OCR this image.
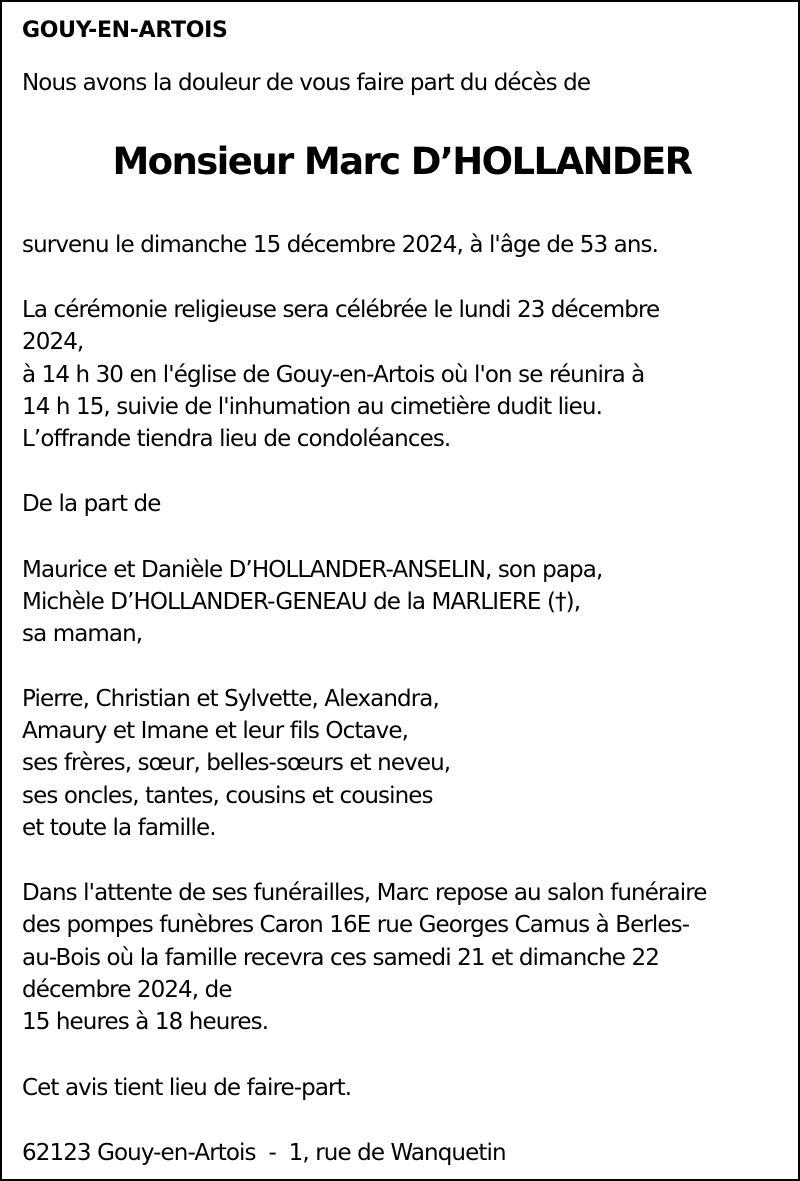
GOUY-EN-ARTOIS
Nous avons la douleur de vous faire part du décès de
Monsieur Marc D’HOLLANDER
survenu le dimanche 15 décembre 2024, à l'âge de 53 ans.
La cérémonie religieuse sera célébrée le lundi 23 décembre
2024,
à 14 h 30 en l'église de Gouy-en-Artois où l'on se réunira à
14 h 15, suivie de l'inhumation au cimetière dudit lieu.
L’offrande tiendra lieu de condoléances.
De la part de
Maurice et Danièle D’HOLLANDER-ANSELIN, son papa,
Michèle D’HOLLANDER-GENEAU de la MARLIERE (†),
sa maman,
Pierre, Christian et Sylvette, Alexandra,
Amaury et Imane et leur fils Octave,
ses frères, sœur, belles-sœurs et neveu,
ses oncles, tantes, cousins et cousines
et toute la famille.
Dans l'attente de ses funérailles, Marc repose au salon funéraire
des pompes funèbres Caron 16E rue Georges Camus à Berles-
au-Bois où la famille recevra ces samedi 21 et dimanche 22
décembre 2024, de
15 heures à 18 heures.
Cet avis tient lieu de faire-part.
62123 Gouy-en-Artois  -  1, rue de Wanquetin
